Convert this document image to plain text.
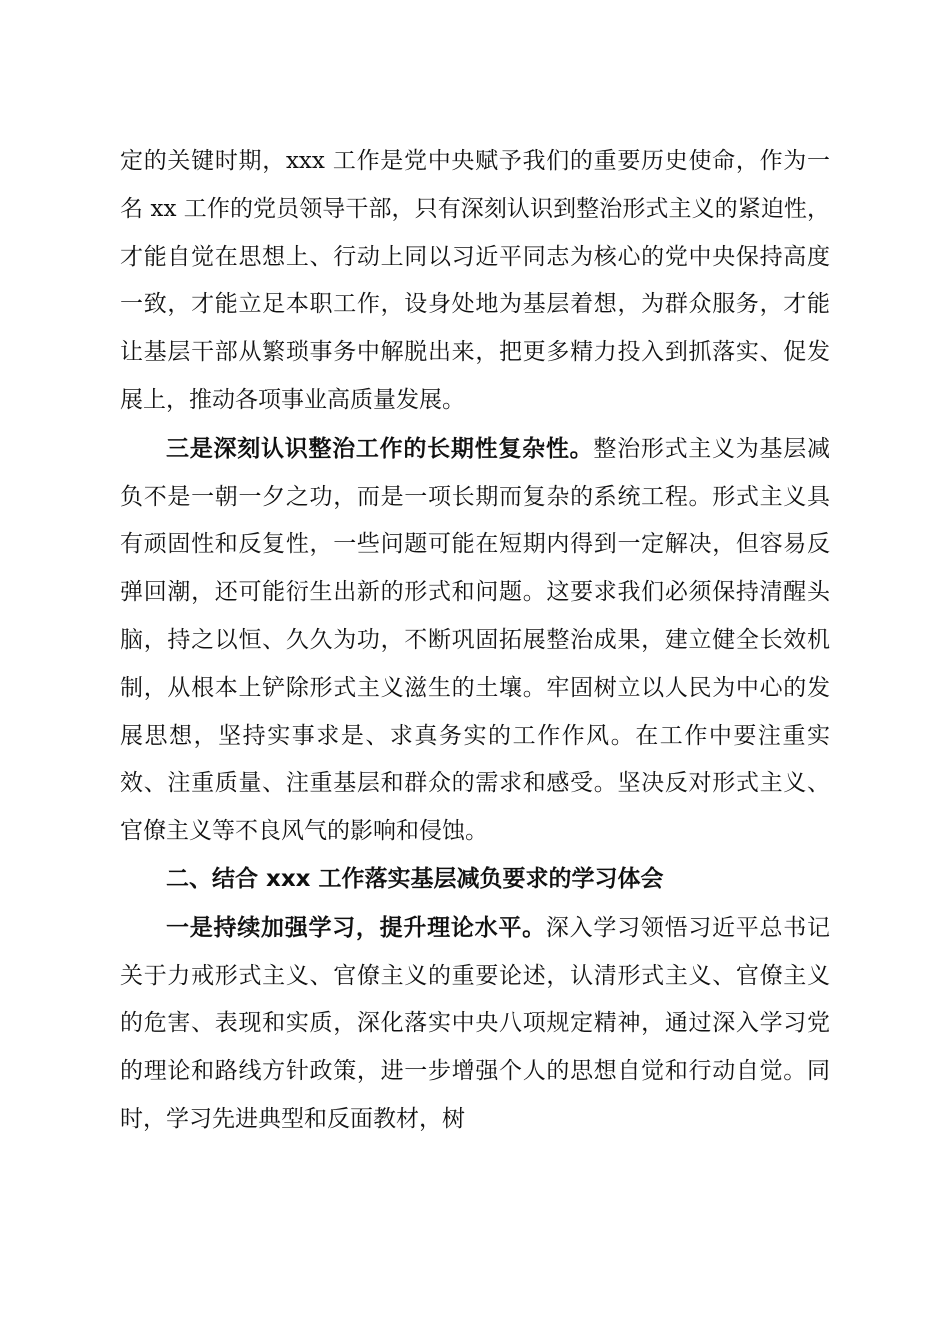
定的关键时期，xxx 工作是党中央赋予我们的重要历史使命，作为一名 xx 工作的党员领导干部，只有深刻认识到整治形式主义的紧迫性，才能自觉在思想上、行动上同以习近平同志为核心的党中央保持高度一致，才能立足本职工作，设身处地为基层着想，为群众服务，才能让基层干部从繁琐事务中解脱出来，把更多精力投入到抓落实、促发展上，推动各项事业高质量发展。

三是深刻认识整治工作的长期性复杂性。整治形式主义为基层减负不是一朝一夕之功，而是一项长期而复杂的系统工程。形式主义具有顽固性和反复性，一些问题可能在短期内得到一定解决，但容易反弹回潮，还可能衍生出新的形式和问题。这要求我们必须保持清醒头脑，持之以恒、久久为功，不断巩固拓展整治成果，建立健全长效机制，从根本上铲除形式主义滋生的土壤。牢固树立以人民为中心的发展思想，坚持实事求是、求真务实的工作作风。在工作中要注重实效、注重质量、注重基层和群众的需求和感受。坚决反对形式主义、官僚主义等不良风气的影响和侵蚀。

二、结合 xxx 工作落实基层减负要求的学习体会

一是持续加强学习，提升理论水平。深入学习领悟习近平总书记关于力戒形式主义、官僚主义的重要论述，认清形式主义、官僚主义的危害、表现和实质，深化落实中央八项规定精神，通过深入学习党的理论和路线方针政策，进一步增强个人的思想自觉和行动自觉。同时，学习先进典型和反面教材，树
